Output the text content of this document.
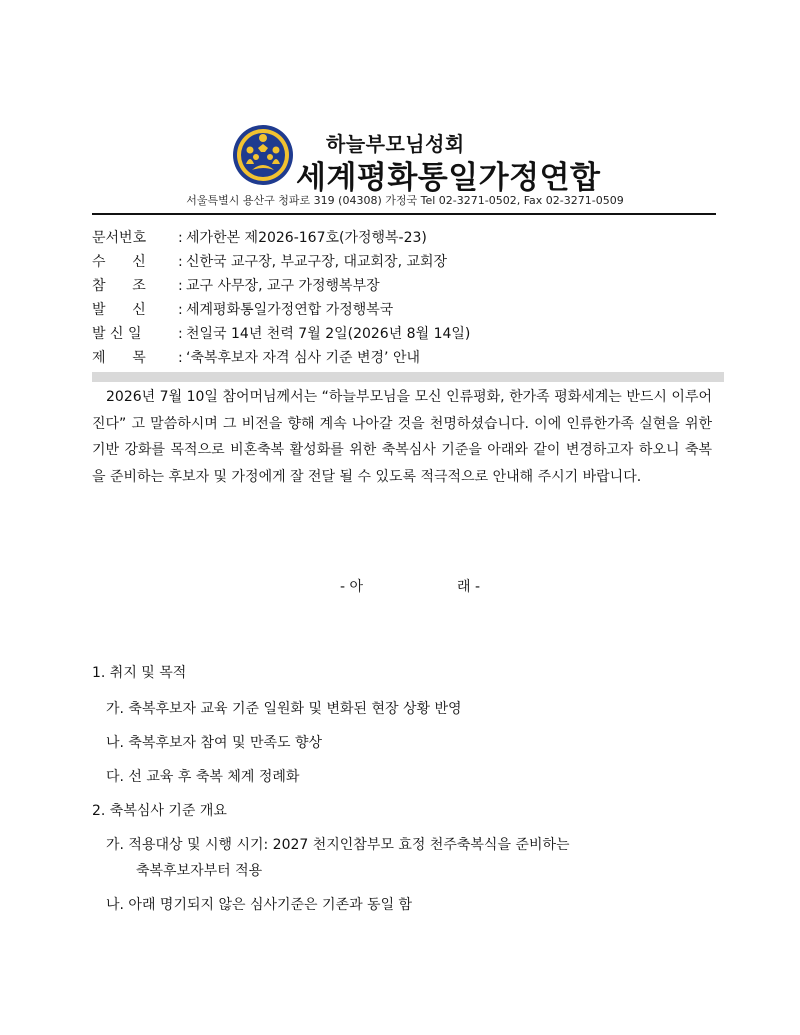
하늘부모님성회
세계평화통일가정연합
서울특별시 용산구 청파로 319 (04308) 가정국 Tel 02-3271-0502, Fax 02-3271-0509
문서번호 : 세가한본 제2026-167호(가정행복-23)
수      신 : 신한국 교구장, 부교구장, 대교회장, 교회장
참      조 : 교구 사무장, 교구 가정행복부장
발      신 : 세계평화통일가정연합 가정행복국
발 신 일	: 천일국 14년 천력 7월 2일(2026년 8월 14일)
제      목 : ‘축복후보자 자격 심사 기준 변경’ 안내
2026년 7월 10일 참어머님께서는 “하늘부모님을 모신 인류평화, 한가족 평화세계는 반드시 이루어진다” 고 말씀하시며 그 비전을 향해 계속 나아갈 것을 천명하셨습니다. 이에 인류한가족 실현을 위한 기반 강화를 목적으로 비혼축복 활성화를 위한 축복심사 기준을 아래와 같이 변경하고자 하오니 축복을 준비하는 후보자 및 가정에게 잘 전달 될 수 있도록 적극적으로 안내해 주시기 바랍니다.
- 아	래 -
1. 취지 및 목적
가. 축복후보자 교육 기준 일원화 및 변화된 현장 상황 반영
나. 축복후보자 참여 및 만족도 향상
다. 선 교육 후 축복 체계 정례화
2. 축복심사 기준 개요
가. 적용대상 및 시행 시기: 2027 천지인참부모 효정 천주축복식을 준비하는
축복후보자부터 적용
나. 아래 명기되지 않은 심사기준은 기존과 동일 함
